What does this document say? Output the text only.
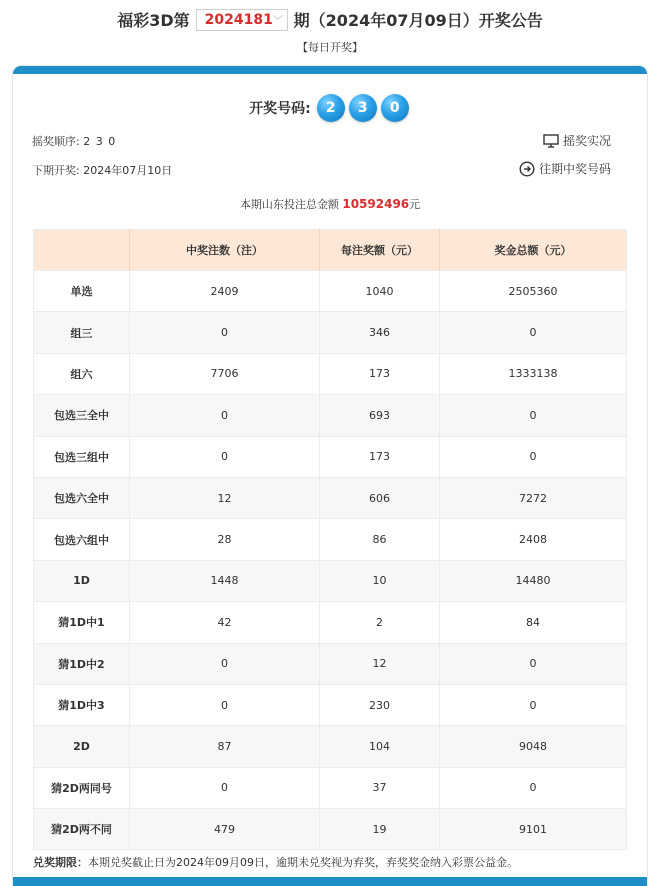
福彩3D第 2024181 ﹀ 期（2024年07月09日）开奖公告
【每日开奖】
开奖号码:	2	3	0
摇奖顺序: 2 3 0
下期开奖: 2024年07月10日
摇奖实况
往期中奖号码
本期山东投注总金额 10592496元
	中奖注数（注）	每注奖额（元）	奖金总额（元）
单选	2409	1040	2505360
组三	0	346	0
组六	7706	173	1333138
包选三全中	0	693	0
包选三组中	0	173	0
包选六全中	12	606	7272
包选六组中	28	86	2408
1D	1448	10	14480
猜1D中1	42	2	84
猜1D中2	0	12	0
猜1D中3	0	230	0
2D	87	104	9048
猜2D两同号	0	37	0
猜2D两不同	479	19	9101
兑奖期限：本期兑奖截止日为2024年09月09日，逾期未兑奖视为弃奖，弃奖奖金纳入彩票公益金。
